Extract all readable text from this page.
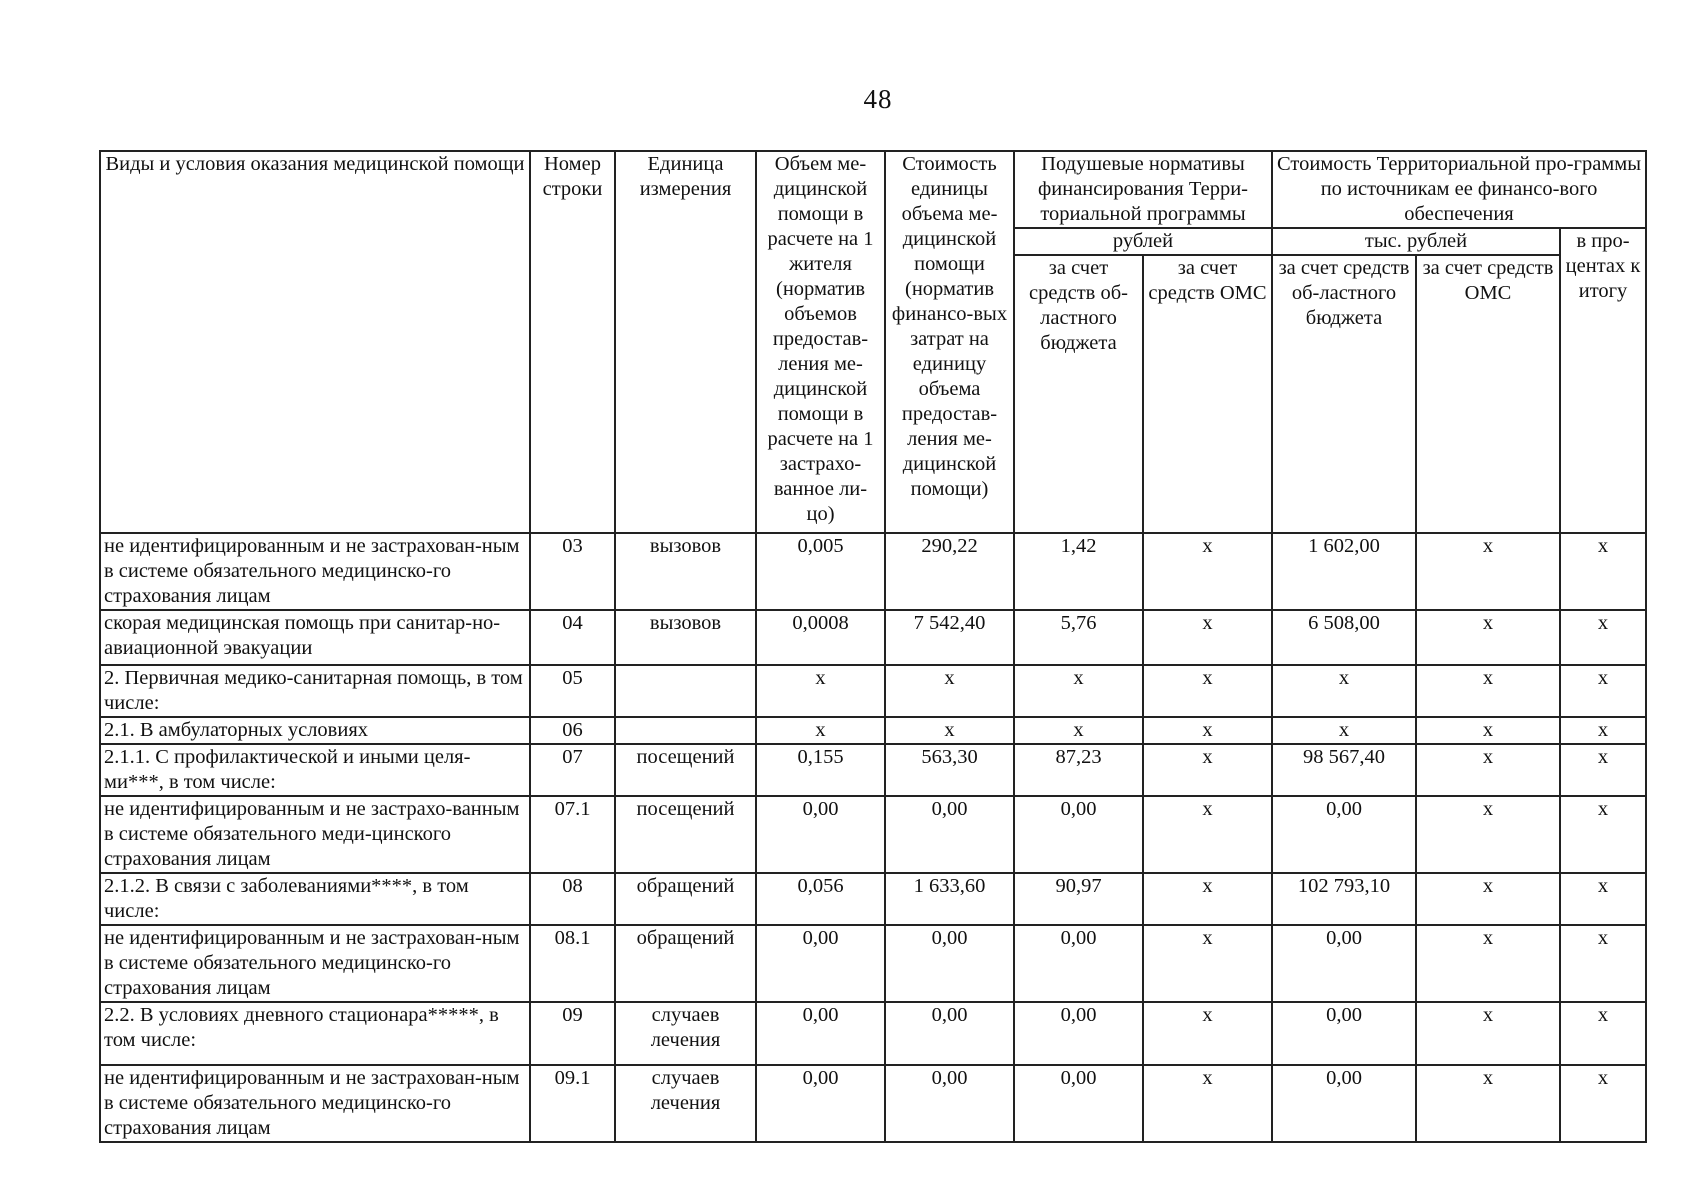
48
Виды и условия оказания медицинской помощи	Номер строки	Единица измерения	Объем ме-дицинской помощи в расчете на 1 жителя (норматив объемов предостав-ления ме-дицинской помощи в расчете на 1 застрахо-ванное ли-цо)	Стоимость единицы объема ме-дицинской помощи (норматив финансо-вых затрат на единицу объема предостав-ления ме-дицинской помощи)	Подушевые нормативы финансирования Терри-ториальной программы		Стоимость Территориальной про-граммы по источникам ее финансо-вого обеспечения		
					рублей		тыс. рублей		в про-центах к итогу
					за счет средств об-ластного бюджета	за счет средств ОМС	за счет средств об-ластного бюджета	за счет средств ОМС	
не идентифицированным и не застрахован-ным в системе обязательного медицинско-го страхования лицам	03	вызовов	0,005	290,22	1,42	х	1 602,00	х	х
скорая медицинская помощь при санитар-но-авиационной эвакуации	04	вызовов	0,0008	7 542,40	5,76	х	6 508,00	х	х
2. Первичная медико-санитарная помощь, в том числе:	05		х	х	х	х	х	х	х
2.1. В амбулаторных условиях	06		х	х	х	х	х	х	х
2.1.1. С профилактической и иными целя-ми***, в том числе:	07	посещений	0,155	563,30	87,23	х	98 567,40	х	х
не идентифицированным и не застрахо-ванным в системе обязательного меди-цинского страхования лицам	07.1	посещений	0,00	0,00	0,00	х	0,00	х	х
2.1.2. В связи с заболеваниями****, в том числе:	08	обращений	0,056	1 633,60	90,97	х	102 793,10	х	х
не идентифицированным и не застрахован-ным в системе обязательного медицинско-го страхования лицам	08.1	обращений	0,00	0,00	0,00	х	0,00	х	х
2.2. В условиях дневного стационара*****, в том числе:	09	случаев лечения	0,00	0,00	0,00	х	0,00	х	х
не идентифицированным и не застрахован-ным в системе обязательного медицинско-го страхования лицам	09.1	случаев лечения	0,00	0,00	0,00	х	0,00	х	х
